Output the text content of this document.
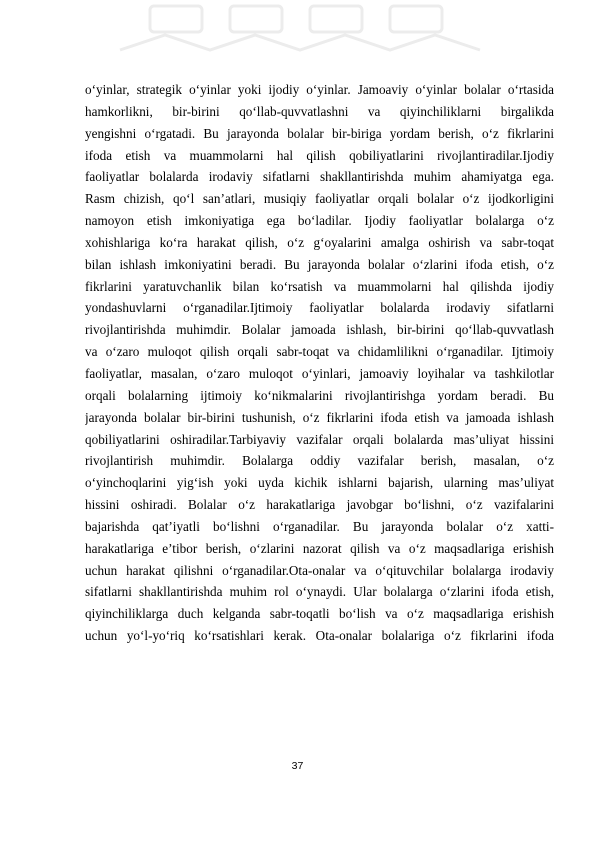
o‘yinlar, strategik o‘yinlar yoki ijodiy o‘yinlar. Jamoaviy o‘yinlar bolalar o‘rtasida
hamkorlikni, bir-birini qo‘llab-quvvatlashni va qiyinchiliklarni birgalikda
yengishni o‘rgatadi. Bu jarayonda bolalar bir-biriga yordam berish, o‘z fikrlarini
ifoda etish va muammolarni hal qilish qobiliyatlarini rivojlantiradilar.Ijodiy
faoliyatlar bolalarda irodaviy sifatlarni shakllantirishda muhim ahamiyatga ega.
Rasm chizish, qo‘l san’atlari, musiqiy faoliyatlar orqali bolalar o‘z ijodkorligini
namoyon etish imkoniyatiga ega bo‘ladilar. Ijodiy faoliyatlar bolalarga o‘z
xohishlariga ko‘ra harakat qilish, o‘z g‘oyalarini amalga oshirish va sabr-toqat
bilan ishlash imkoniyatini beradi. Bu jarayonda bolalar o‘zlarini ifoda etish, o‘z
fikrlarini yaratuvchanlik bilan ko‘rsatish va muammolarni hal qilishda ijodiy
yondashuvlarni o‘rganadilar.Ijtimoiy faoliyatlar bolalarda irodaviy sifatlarni
rivojlantirishda muhimdir. Bolalar jamoada ishlash, bir-birini qo‘llab-quvvatlash
va o‘zaro muloqot qilish orqali sabr-toqat va chidamlilikni o‘rganadilar. Ijtimoiy
faoliyatlar, masalan, o‘zaro muloqot o‘yinlari, jamoaviy loyihalar va tashkilotlar
orqali bolalarning ijtimoiy ko‘nikmalarini rivojlantirishga yordam beradi. Bu
jarayonda bolalar bir-birini tushunish, o‘z fikrlarini ifoda etish va jamoada ishlash
qobiliyatlarini oshiradilar.Tarbiyaviy vazifalar orqali bolalarda mas’uliyat hissini
rivojlantirish muhimdir. Bolalarga oddiy vazifalar berish, masalan, o‘z
o‘yinchoqlarini yig‘ish yoki uyda kichik ishlarni bajarish, ularning mas’uliyat
hissini oshiradi. Bolalar o‘z harakatlariga javobgar bo‘lishni, o‘z vazifalarini
bajarishda qat’iyatli bo‘lishni o‘rganadilar. Bu jarayonda bolalar o‘z xatti-
harakatlariga e’tibor berish, o‘zlarini nazorat qilish va o‘z maqsadlariga erishish
uchun harakat qilishni o‘rganadilar.Ota-onalar va o‘qituvchilar bolalarga irodaviy
sifatlarni shakllantirishda muhim rol o‘ynaydi. Ular bolalarga o‘zlarini ifoda etish,
qiyinchiliklarga duch kelganda sabr-toqatli bo‘lish va o‘z maqsadlariga erishish
uchun yo‘l-yo‘riq ko‘rsatishlari kerak. Ota-onalar bolalariga o‘z fikrlarini ifoda
37
